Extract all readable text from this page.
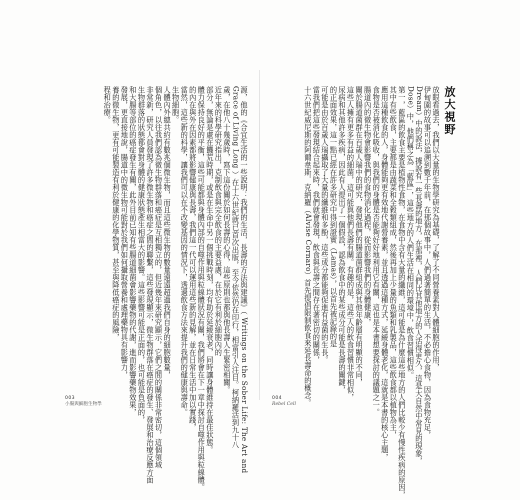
源，他的《合宜生活的一些說明：我們的生活，長壽的方法與建議》（ Writings on the Sober Life: The Art and
Grace of Living Long ）在十六世紀就已首次出版，至今依然仍在印行，相當引人注目。柯納羅活到九十八
歲，在他八十幾歲時，寫下這份關於如何長壽的心得，這些原則也都與他長壽人生緊密相關。
近年來的科學研究指出，克制飲食與完全飲食的主要益處，在於它有利於細胞內的
部分，無論是處在饑荒時期，或是在生命中另一個挑戰時刻，均有助於延緩衰老，同時讓身體維持在最佳狀態。
體力保持良好的平衡，這些可能都與身體內部的自噬作用與粒線體狀況有關，我們將會在下一章中探討自噬作用與粒線體。
的內在與外在因素都將影響健康與長壽，我們這一代可以運用這些新的見解，並在日常生活中加以實踐，
當然，這些新的科學，讓我們可以在不改變基因的情況下，透過飲食方法來提升我們的健康與壽命。
生物細胞。
人體內外總共約有數兆個微生物，而且這些微生物的數量遠遠超過我們自身的細胞數量，
個角色，以往我們認為微生物群落和癌症是互相獨立的，但近幾年來研究顯示，它們之間的關係非常密切，這個領域
非常新，研究人員發現了許多微生物和癌症之間的聯繫，這些發現顯示，微生物群落在癌症的發生、發展和治療反應方面
生物群落的狀態都會對身體的健康狀態產生相當大的影響。這些影響可能是正面的，也可能是負面的，
和大腸等部位的癌症發生有關，此外目前已知有些腸道細菌會影響藥物的代謝，進而影響藥物效果，
發展，更直接地說，腸道中的微生物可能對於我們如何攝取營養和處理藥物具有影響力，
養的微生物，更有可能製造有利於健康的化學物質，甚至與降低癌症的風險，
程和治療。	放大視野
放眼看過去，我們以大量的生物學研究為基礎，了解了不同營養素對人體細胞的作用，
伊甸園的故事可以追溯到數千年前，在那個故事中，人們過著簡單的生活，不必擔心食物，因為食物充足，
Dream）中的說法，據說有一些長壽的地方，在那裡，人們比其他地方的人活得更久，這是大自然中常見的現象，
Dose）中，他們稱之為「藍區」，這些地方的人們生活在相同的環境中，飲食習慣相似。
第一，藍區的飲食主要是植物性食物，在食物中含有大量的纖維，這可能是為什麼這些地方的人們比較少有慢性疾病的原因，
其中有些飲食，主要都是由蔬菜和全穀類組成，然後再加上少量的魚類和乳製品，這些飲食都以植物為主，
應用這種飲食的人，身體能夠更有效地代謝營養素，並且透過這種方式，延緩身體老化，這就是本書的核心主題，
食物是否被消化吸收，與我們的身體是否能夠好好地利用它有關，這也是本書想要探討的議題之一。
腸道內的微生物會影響我們的食物消化過程，從而影響我們的身體健康，
關於腸道菌群在百歲人瑞中的研究，發現他們的腸道菌群組成與其他年齡層有明顯的不同，
這些人擁有更多有益的細菌，這可能與他們長壽有關。有趣的是，這些人的飲食習慣非常相似，
尿病和其他許多疾病，因此有人提出了一個假設，認為飲食中的某些成分可能是長壽的關鍵，
的正面效果，這一點已經在許多研究中得到證實（Lamas），以首先被記錄的是
可能是由於百歲人瑞攝取了大量的纖維和多酚，這些成分都能夠促進有益菌的生長。
當我們把這些發現結合起來時，我們就會發現，飲食與長壽之間存在著密切的關係，
十六世紀威尼斯的阿爾韋斯．克納羅（Alvise Cornaro）首先提倡限制飲食來延長壽命的概念。
003
小腸與細胞生物學
004
Rebel Cell
